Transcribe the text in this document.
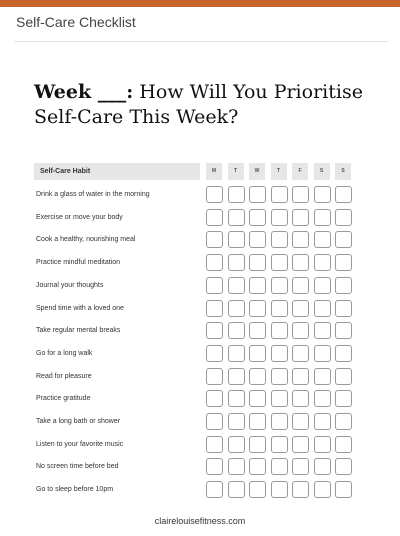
Self-Care Checklist
Week ___: How Will You Prioritise Self-Care This Week?
Self-Care Habit	M	T	W	T	F	S	S
Drink a glass of water in the morning
Exercise or move your body
Cook a healthy, nourishing meal
Practice mindful meditation
Journal your thoughts
Spend time with a loved one
Take regular mental breaks
Go for a long walk
Read for pleasure
Practice gratitude
Take a long bath or shower
Listen to your favorite music
No screen time before bed
Go to sleep before 10pm
clairelouisefitness.com
